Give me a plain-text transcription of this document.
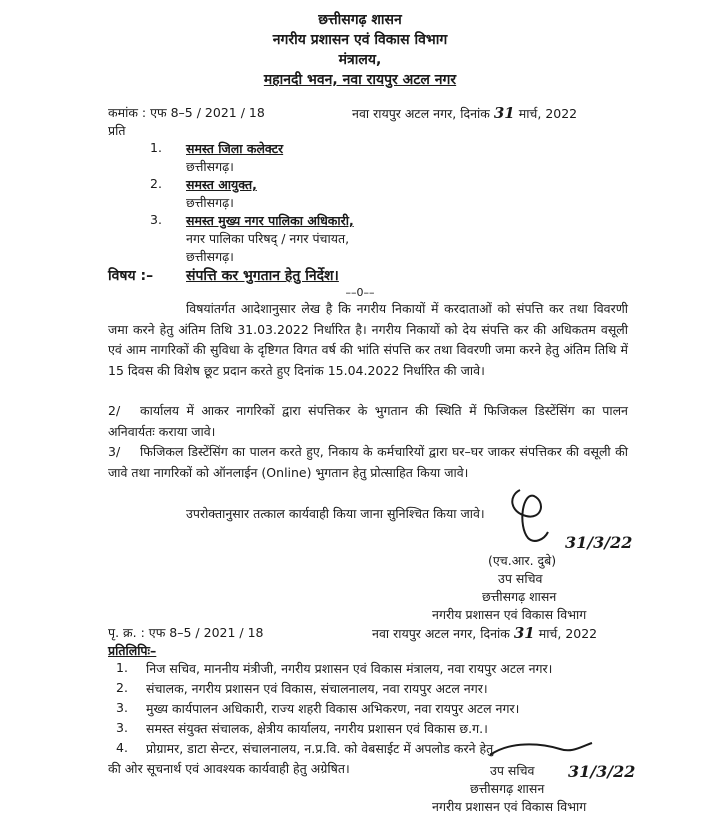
छत्तीसगढ़ शासन
नगरीय प्रशासन एवं विकास विभाग
मंत्रालय,
महानदी भवन, नवा रायपुर अटल नगर
कमांक : एफ 8–5 / 2021 / 18	नवा रायपुर अटल नगर, दिनांक 31 मार्च, 2022
प्रति
1. समस्त जिला कलेक्टर
छत्तीसगढ़।
2. समस्त आयुक्त,
छत्तीसगढ़।
3. समस्त मुख्य नगर पालिका अधिकारी,
नगर पालिका परिषद् / नगर पंचायत,
छत्तीसगढ़।
विषय :– संपत्ति कर भुगतान हेतु निर्देश।
––0––
विषयांतर्गत आदेशानुसार लेख है कि नगरीय निकायों में करदाताओं को संपत्ति कर तथा विवरणी जमा करने हेतु अंतिम तिथि 31.03.2022 निर्धारित है। नगरीय निकायों को देय संपत्ति कर की अधिकतम वसूली एवं आम नागरिकों की सुविधा के दृष्टिगत विगत वर्ष की भांति संपत्ति कर तथा विवरणी जमा करने हेतु अंतिम तिथि में 15 दिवस की विशेष छूट प्रदान करते हुए दिनांक 15.04.2022 निर्धारित की जावे।
2/ कार्यालय में आकर नागरिकों द्वारा संपत्तिकर के भुगतान की स्थिति में फिजिकल डिस्टेंसिंग का पालन अनिवार्यतः कराया जावे।
3/ फिजिकल डिस्टेंसिंग का पालन करते हुए, निकाय के कर्मचारियों द्वारा घर–घर जाकर संपत्तिकर की वसूली की जावे तथा नागरिकों को ऑनलाईन (Online) भुगतान हेतु प्रोत्साहित किया जावे।
उपरोक्तानुसार तत्काल कार्यवाही किया जाना सुनिश्चित किया जावे।
31/3/22
(एच.आर. दुबे)
उप सचिव
छत्तीसगढ़ शासन
नगरीय प्रशासन एवं विकास विभाग
पृ. क्र. : एफ 8–5 / 2021 / 18	नवा रायपुर अटल नगर, दिनांक 31 मार्च, 2022
प्रतिलिपिः–
1. निज सचिव, माननीय मंत्रीजी, नगरीय प्रशासन एवं विकास मंत्रालय, नवा रायपुर अटल नगर।
2. संचालक, नगरीय प्रशासन एवं विकास, संचालनालय, नवा रायपुर अटल नगर।
3. मुख्य कार्यपालन अधिकारी, राज्य शहरी विकास अभिकरण, नवा रायपुर अटल नगर।
3. समस्त संयुक्त संचालक, क्षेत्रीय कार्यालय, नगरीय प्रशासन एवं विकास छ.ग.।
4. प्रोग्रामर, डाटा सेन्टर, संचालनालय, न.प्र.वि. को वेबसाईट में अपलोड करने हेतु
की ओर सूचनार्थ एवं आवश्यक कार्यवाही हेतु अग्रेषित।	31/3/22
उप सचिव
छत्तीसगढ़ शासन
नगरीय प्रशासन एवं विकास विभाग
